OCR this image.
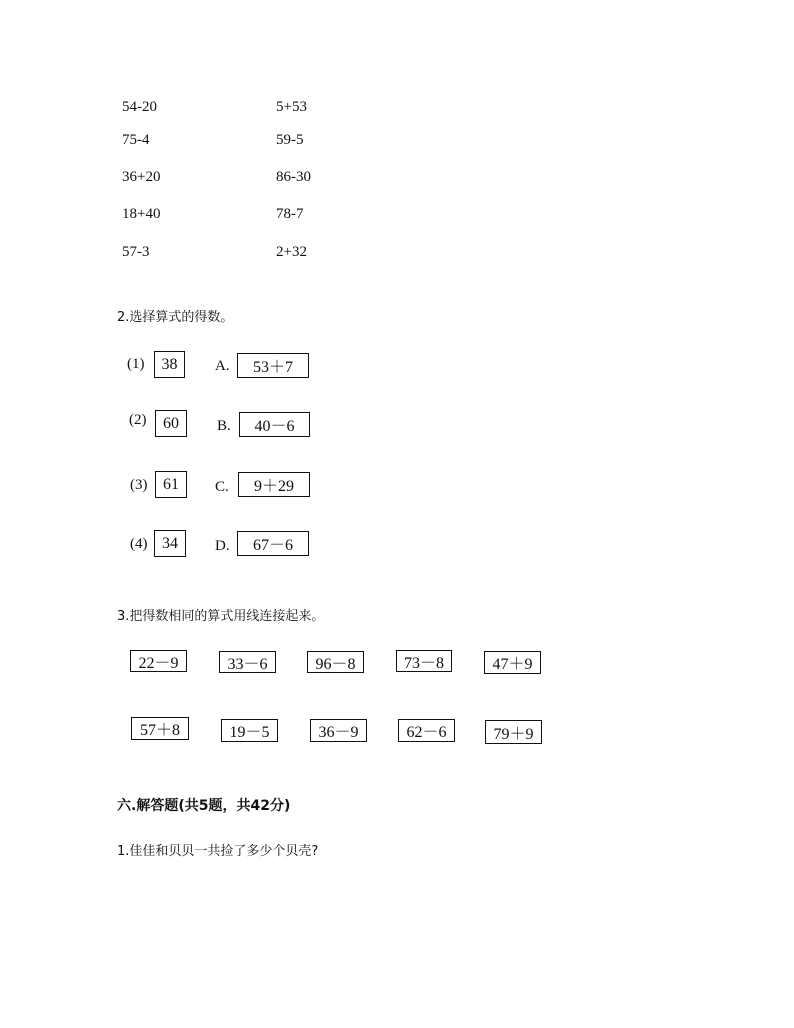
54-20	5+53
75-4	59-5
36+20	86-30
18+40	78-7
57-3	2+32
2.选择算式的得数。
(1)	38	A.	53＋7
(2)	60	B.	40－6
(3) 61	C.	9＋29
(4) 34	D.	67－6
3.把得数相同的算式用线连接起来。
22－9	33－6	96－8	73－8	47＋9
57＋8	19－5	36－9	62－6	79＋9
六.解答题(共5题，共42分)
1.佳佳和贝贝一共捡了多少个贝壳?
